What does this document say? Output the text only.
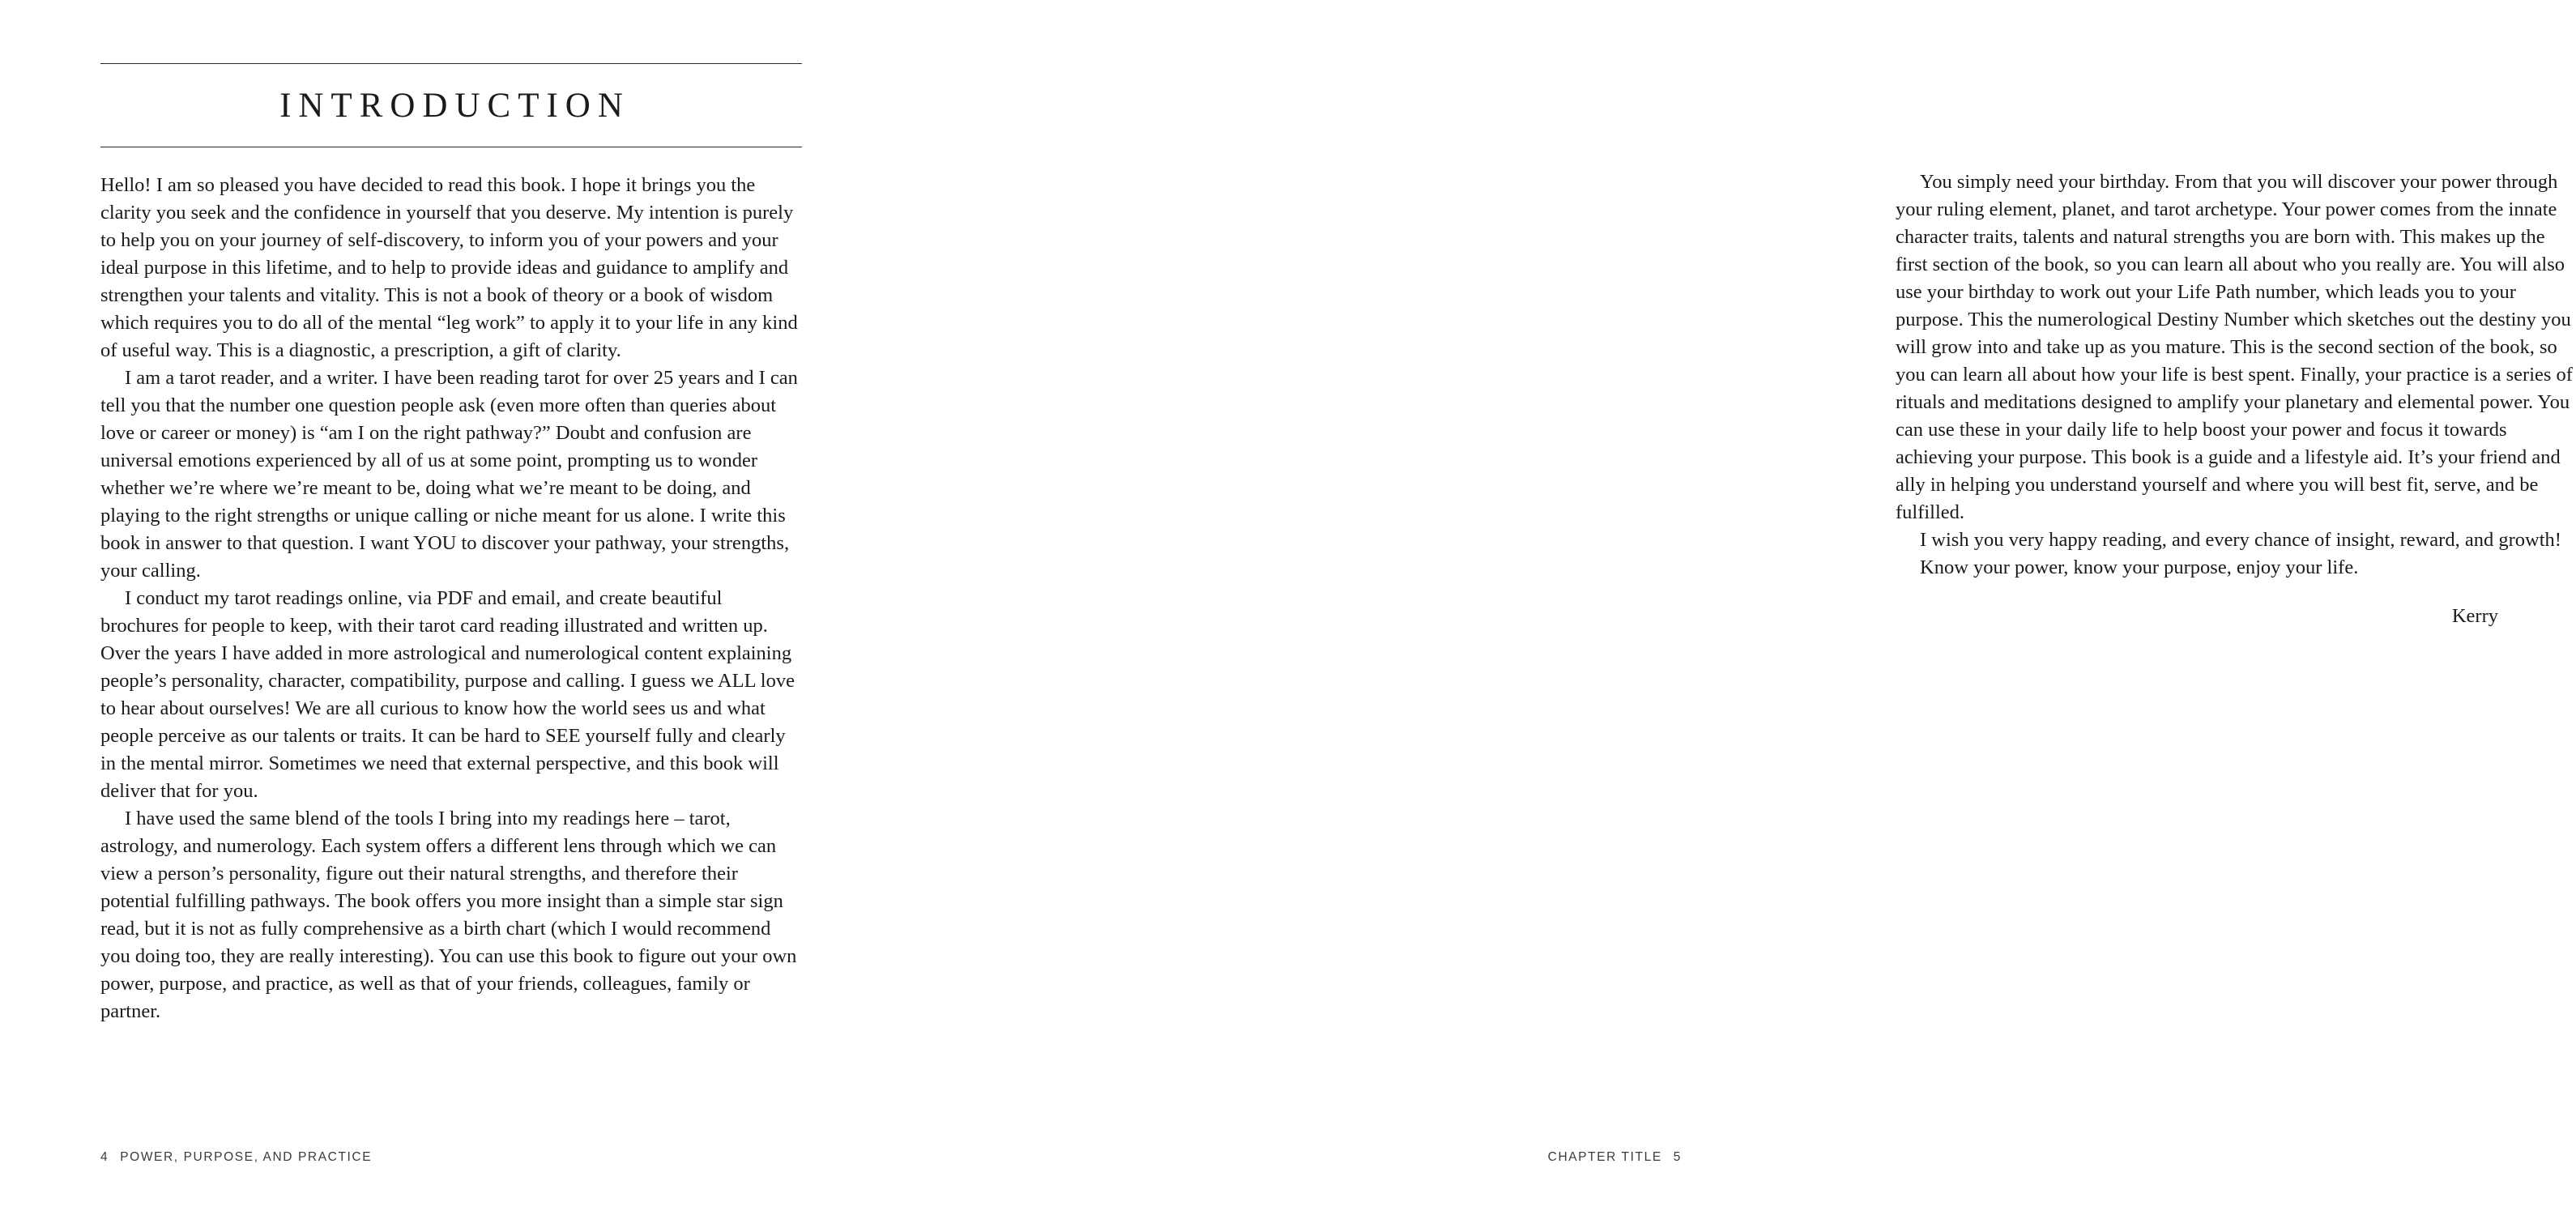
INTRODUCTION

Hello! I am so pleased you have decided to read this book. I hope it brings you the clarity you seek and the confidence in yourself that you deserve. My intention is purely to help you on your journey of self-discovery, to inform you of your powers and your ideal purpose in this lifetime, and to help to provide ideas and guidance to amplify and strengthen your talents and vitality. This is not a book of theory or a book of wisdom which requires you to do all of the mental “leg work” to apply it to your life in any kind of useful way. This is a diagnostic, a prescription, a gift of clarity.

I am a tarot reader, and a writer. I have been reading tarot for over 25 years and I can tell you that the number one question people ask (even more often than queries about love or career or money) is “am I on the right pathway?” Doubt and confusion are universal emotions experienced by all of us at some point, prompting us to wonder whether we’re where we’re meant to be, doing what we’re meant to be doing, and playing to the right strengths or unique calling or niche meant for us alone. I write this book in answer to that question. I want YOU to discover your pathway, your strengths, your calling.

I conduct my tarot readings online, via PDF and email, and create beautiful brochures for people to keep, with their tarot card reading illustrated and written up. Over the years I have added in more astrological and numerological content explaining people’s personality, character, compatibility, purpose and calling. I guess we ALL love to hear about ourselves! We are all curious to know how the world sees us and what people perceive as our talents or traits. It can be hard to SEE yourself fully and clearly in the mental mirror. Sometimes we need that external perspective, and this book will deliver that for you.

I have used the same blend of the tools I bring into my readings here – tarot, astrology, and numerology. Each system offers a different lens through which we can view a person’s personality, figure out their natural strengths, and therefore their potential fulfilling pathways. The book offers you more insight than a simple star sign read, but it is not as fully comprehensive as a birth chart (which I would recommend you doing too, they are really interesting). You can use this book to figure out your own power, purpose, and practice, as well as that of your friends, colleagues, family or partner.

4 POWER, PURPOSE, AND PRACTICE

You simply need your birthday. From that you will discover your power through your ruling element, planet, and tarot archetype. Your power comes from the innate character traits, talents and natural strengths you are born with. This makes up the first section of the book, so you can learn all about who you really are. You will also use your birthday to work out your Life Path number, which leads you to your purpose. This the numerological Destiny Number which sketches out the destiny you will grow into and take up as you mature. This is the second section of the book, so you can learn all about how your life is best spent. Finally, your practice is a series of rituals and meditations designed to amplify your planetary and elemental power. You can use these in your daily life to help boost your power and focus it towards achieving your purpose. This book is a guide and a lifestyle aid. It’s your friend and ally in helping you understand yourself and where you will best fit, serve, and be fulfilled.

I wish you very happy reading, and every chance of insight, reward, and growth!

Know your power, know your purpose, enjoy your life.

Kerry
CHAPTER TITLE 5
